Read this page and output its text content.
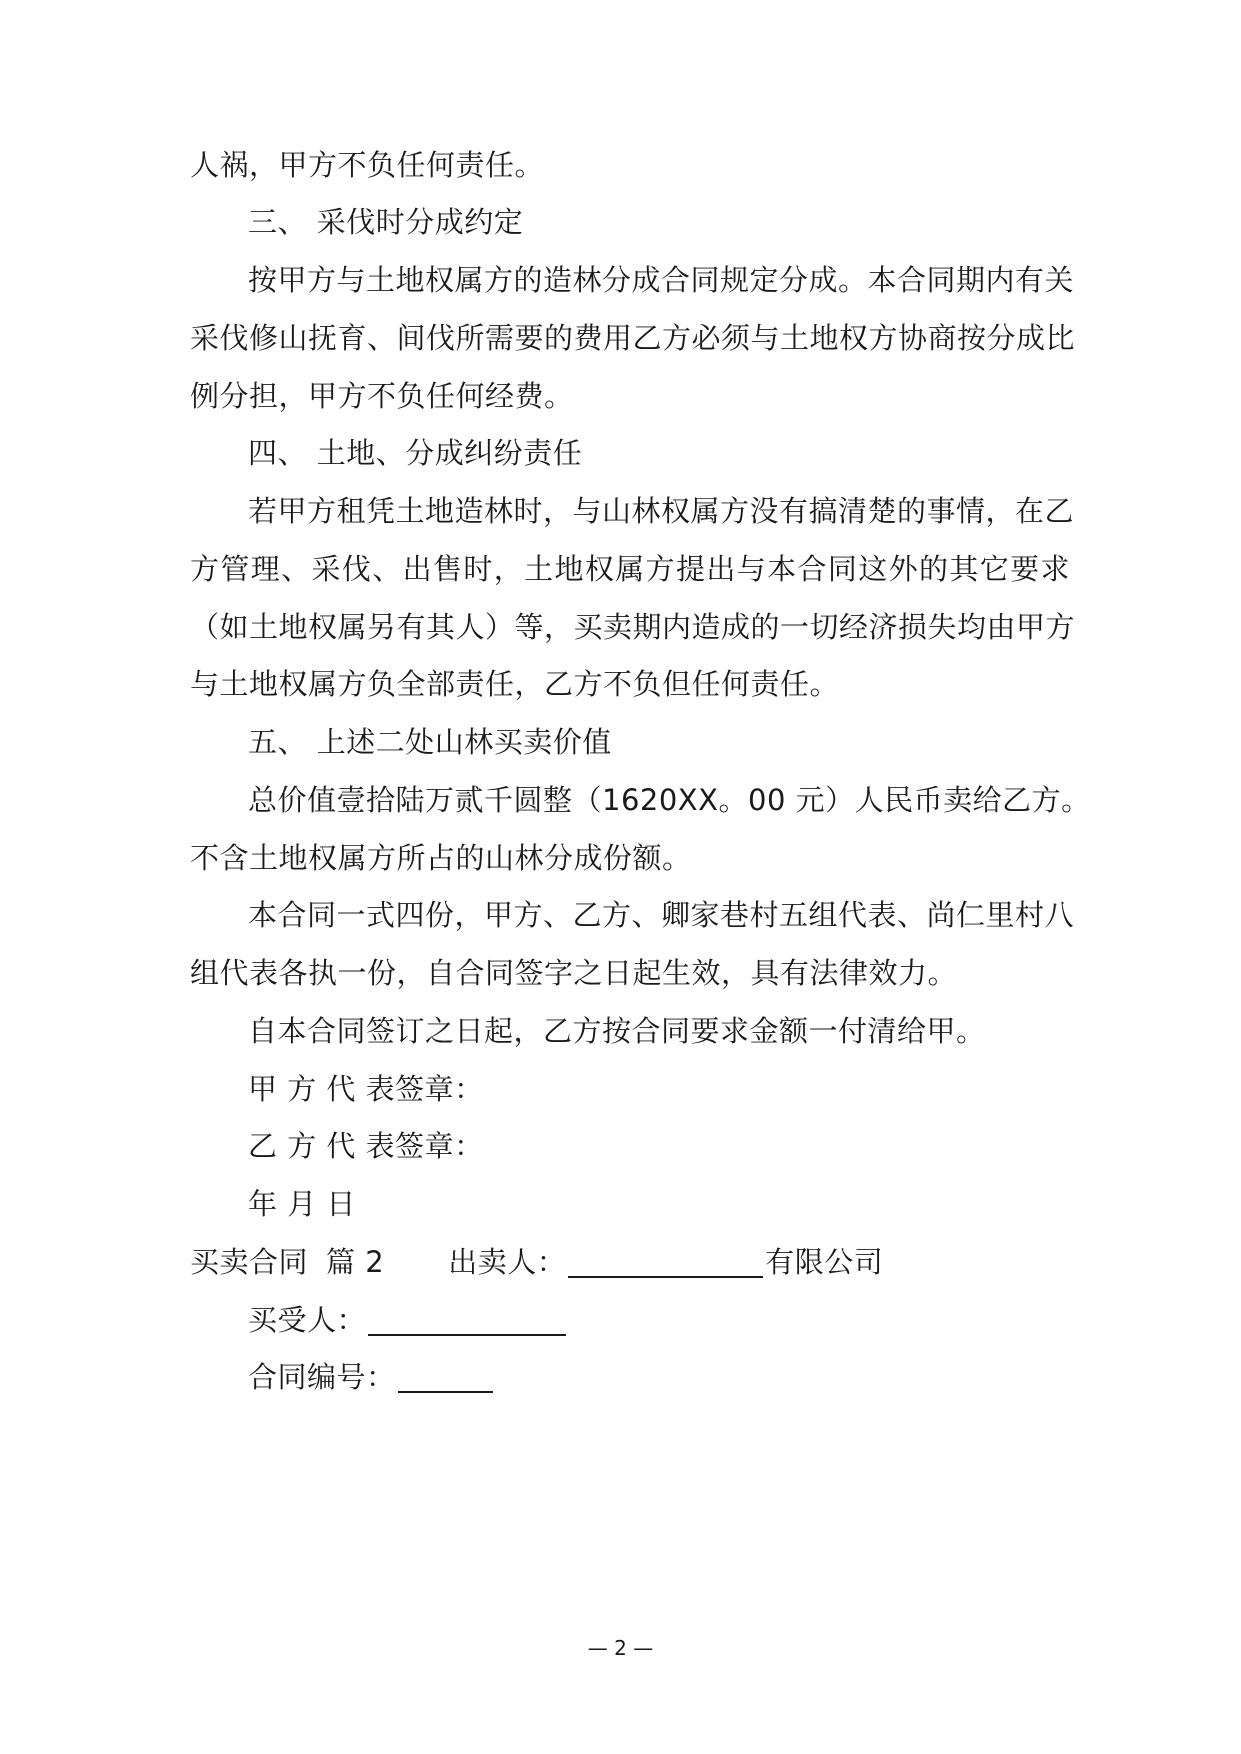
人祸，甲方不负任何责任。
三、 采伐时分成约定
按甲方与土地权属方的造林分成合同规定分成。本合同期内有关
采伐修山抚育、间伐所需要的费用乙方必须与土地权方协商按分成比
例分担，甲方不负任何经费。
四、 土地、分成纠纷责任
若甲方租凭土地造林时，与山林权属方没有搞清楚的事情，在乙
方管理、采伐、出售时，土地权属方提出与本合同这外的其它要求
（如土地权属另有其人）等，买卖期内造成的一切经济损失均由甲方
与土地权属方负全部责任，乙方不负但任何责任。
五、 上述二处山林买卖价值
总价值壹拾陆万贰千圆整（1620XX。00 元）人民币卖给乙方。
不含土地权属方所占的山林分成份额。
本合同一式四份，甲方、乙方、卿家巷村五组代表、尚仁里村八
组代表各执一份，自合同签字之日起生效，具有法律效力。
自本合同签订之日起，乙方按合同要求金额一付清给甲。
甲 方 代 表签章：
乙 方 代 表签章：
年 月 日
买卖合同 篇 2 出卖人：	有限公司
买受人：
合同编号：
— 2 —
